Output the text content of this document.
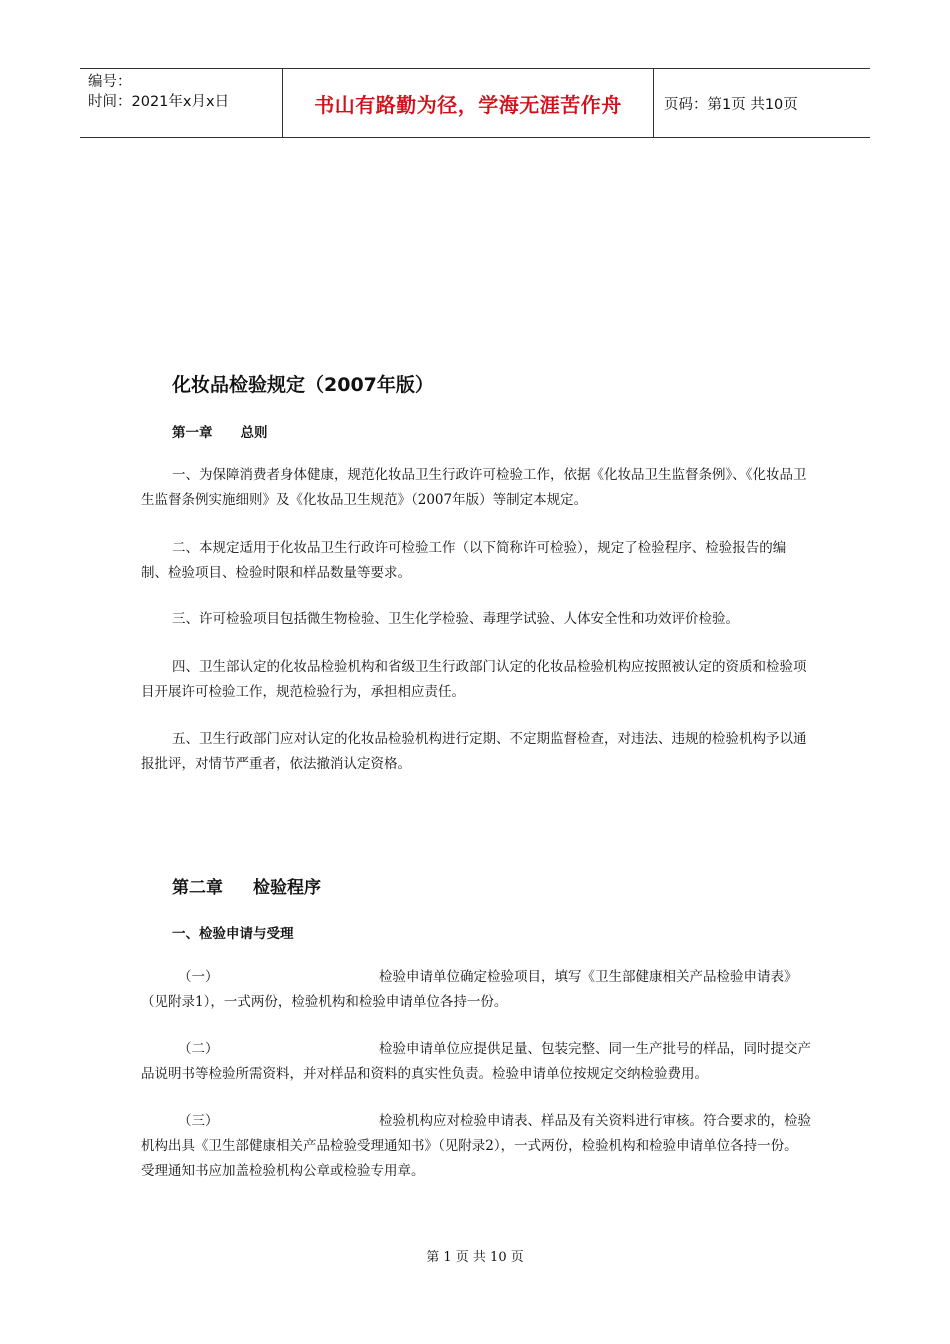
编号：
时间：2021年x月x日	书山有路勤为径，学海无涯苦作舟	页码：第1页 共10页
化妆品检验规定（2007年版）
第一章 总则

一、为保障消费者身体健康，规范化妆品卫生行政许可检验工作，依据《化妆品卫生监督条例》、《化妆品卫生监督条例实施细则》及《化妆品卫生规范》（2007年版）等制定本规定。

二、本规定适用于化妆品卫生行政许可检验工作（以下简称许可检验），规定了检验程序、检验报告的编制、检验项目、检验时限和样品数量等要求。

三、许可检验项目包括微生物检验、卫生化学检验、毒理学试验、人体安全性和功效评价检验。

四、卫生部认定的化妆品检验机构和省级卫生行政部门认定的化妆品检验机构应按照被认定的资质和检验项目开展许可检验工作，规范检验行为，承担相应责任。

五、卫生行政部门应对认定的化妆品检验机构进行定期、不定期监督检查，对违法、违规的检验机构予以通报批评，对情节严重者，依法撤消认定资格。

第二章 检验程序
一、检验申请与受理

（一）	检验申请单位确定检验项目，填写《卫生部健康相关产品检验申请表》（见附录1），一式两份，检验机构和检验申请单位各持一份。

（二）	检验申请单位应提供足量、包装完整、同一生产批号的样品，同时提交产品说明书等检验所需资料，并对样品和资料的真实性负责。检验申请单位按规定交纳检验费用。

（三）	检验机构应对检验申请表、样品及有关资料进行审核。符合要求的，检验机构出具《卫生部健康相关产品检验受理通知书》（见附录2），一式两份，检验机构和检验申请单位各持一份。受理通知书应加盖检验机构公章或检验专用章。

第 1 页 共 10 页
